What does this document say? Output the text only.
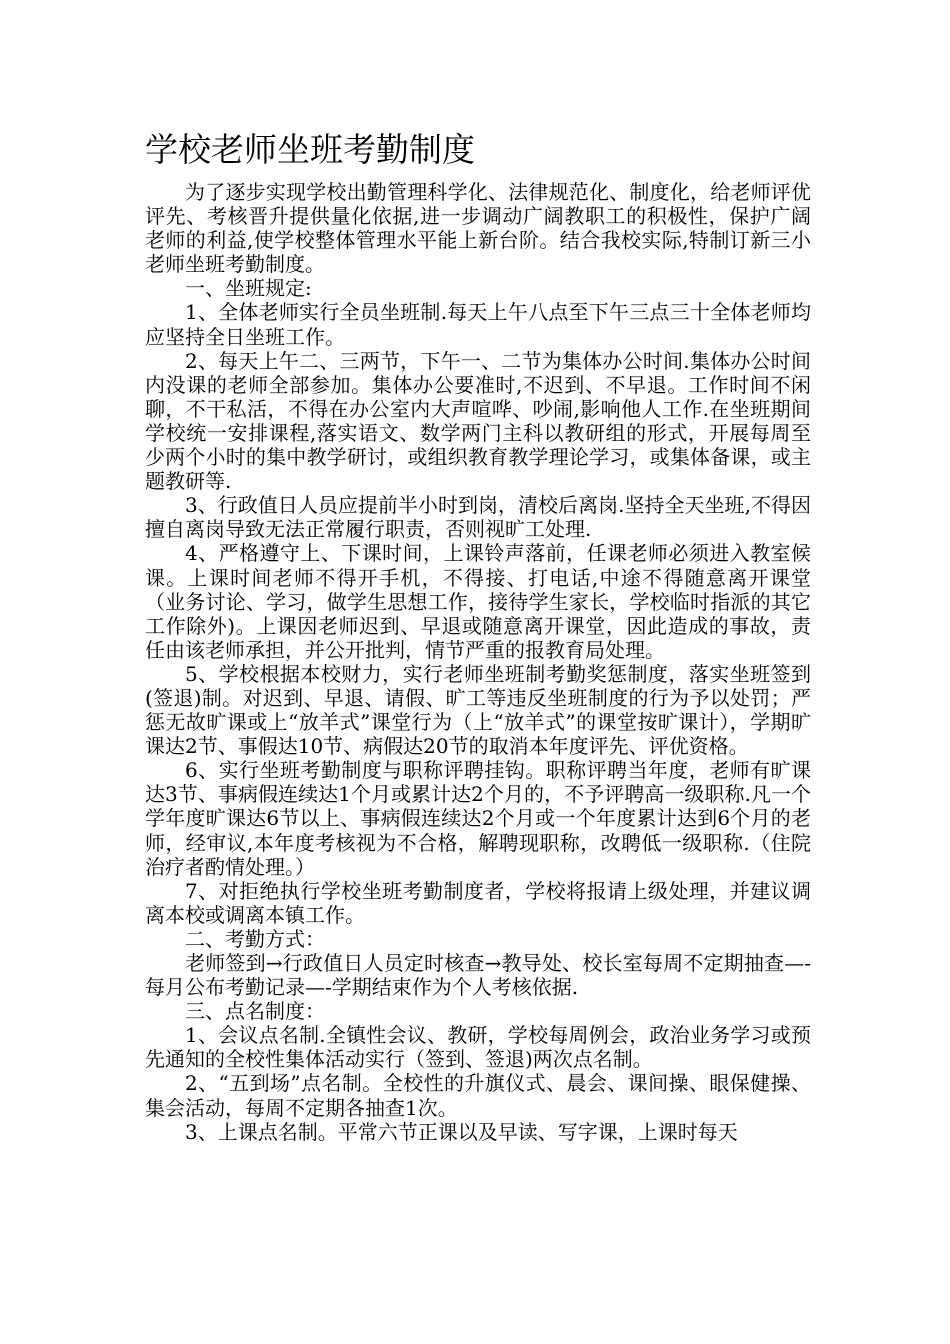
学校老师坐班考勤制度

为了逐步实现学校出勤管理科学化、法律规范化、制度化，给老师评优评先、考核晋升提供量化依据,进一步调动广阔教职工的积极性，保护广阔老师的利益,使学校整体管理水平能上新台阶。结合我校实际,特制订新三小老师坐班考勤制度。

一、坐班规定:

1、全体老师实行全员坐班制.每天上午八点至下午三点三十全体老师均应坚持全日坐班工作。

2、每天上午二、三两节，下午一、二节为集体办公时间.集体办公时间内没课的老师全部参加。集体办公要准时,不迟到、不早退。工作时间不闲聊，不干私活，不得在办公室内大声喧哗、吵闹,影响他人工作.在坐班期间学校统一安排课程,落实语文、数学两门主科以教研组的形式，开展每周至少两个小时的集中教学研讨，或组织教育教学理论学习，或集体备课，或主题教研等.

3、行政值日人员应提前半小时到岗，清校后离岗.坚持全天坐班,不得因擅自离岗导致无法正常履行职责，否则视旷工处理.

4、严格遵守上、下课时间，上课铃声落前，任课老师必须进入教室候课。上课时间老师不得开手机，不得接、打电话,中途不得随意离开课堂（业务讨论、学习，做学生思想工作，接待学生家长，学校临时指派的其它工作除外)。上课因老师迟到、早退或随意离开课堂，因此造成的事故，责任由该老师承担，并公开批判，情节严重的报教育局处理。

5、学校根据本校财力，实行老师坐班制考勤奖惩制度，落实坐班签到(签退)制。对迟到、早退、请假、旷工等违反坐班制度的行为予以处罚；严惩无故旷课或上“放羊式”课堂行为（上“放羊式”的课堂按旷课计），学期旷课达2节、事假达10节、病假达20节的取消本年度评先、评优资格。

6、实行坐班考勤制度与职称评聘挂钩。职称评聘当年度，老师有旷课达3节、事病假连续达1个月或累计达2个月的，不予评聘高一级职称.凡一个学年度旷课达6节以上、事病假连续达2个月或一个年度累计达到6个月的老师，经审议,本年度考核视为不合格，解聘现职称，改聘低一级职称.（住院治疗者酌情处理。）

7、对拒绝执行学校坐班考勤制度者，学校将报请上级处理，并建议调离本校或调离本镇工作。

二、考勤方式：

老师签到→行政值日人员定时核查→教导处、校长室每周不定期抽查—-每月公布考勤记录—-学期结束作为个人考核依据.

三、点名制度：

1、会议点名制.全镇性会议、教研，学校每周例会，政治业务学习或预先通知的全校性集体活动实行（签到、签退)两次点名制。

2、“五到场”点名制。全校性的升旗仪式、晨会、课间操、眼保健操、集会活动，每周不定期各抽查1次。

3、上课点名制。平常六节正课以及早读、写字课，上课时每天
